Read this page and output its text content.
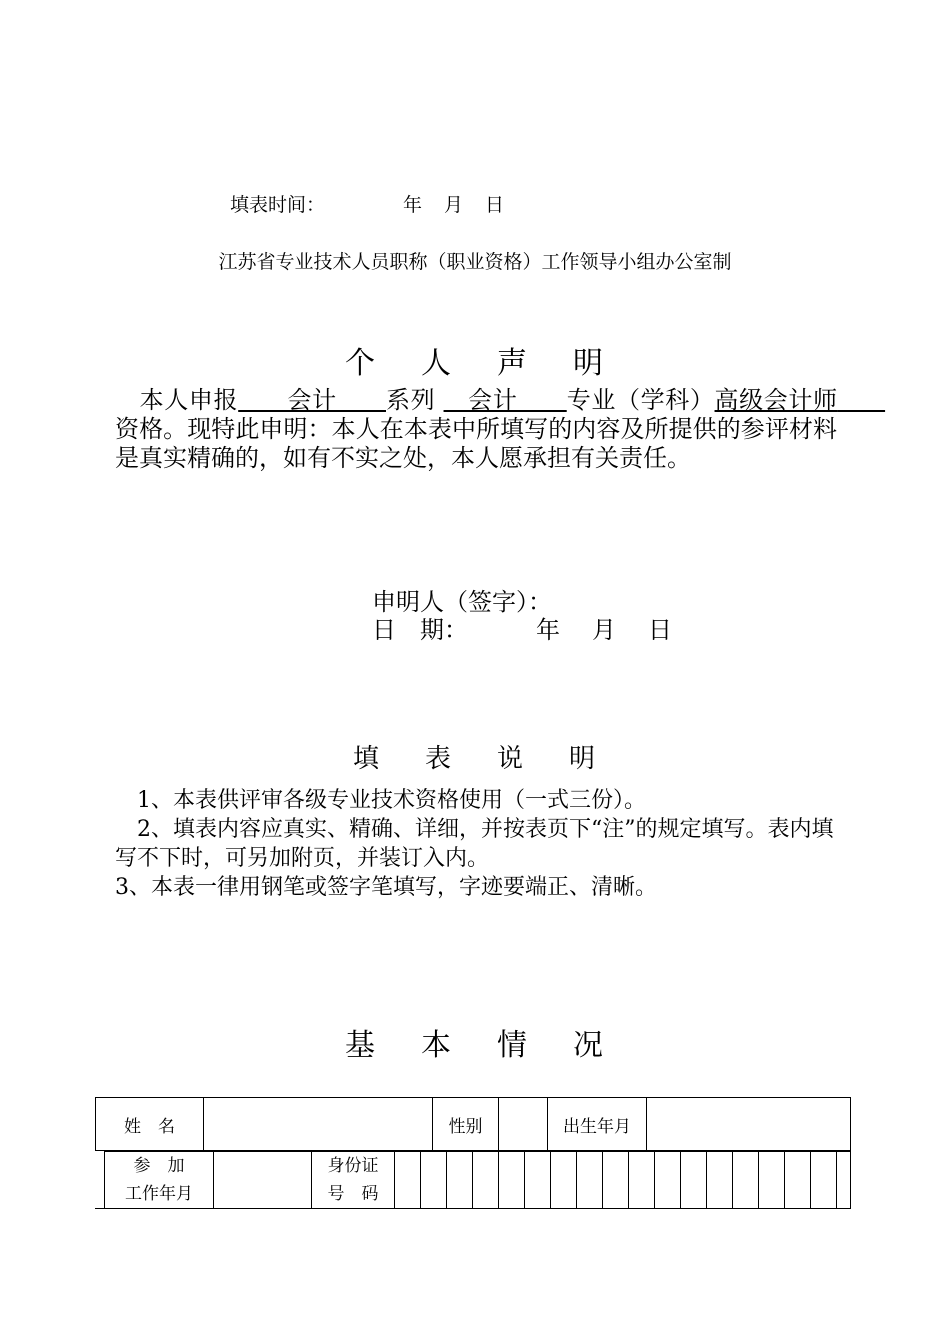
填表时间：	年 月 日
江苏省专业技术人员职称（职业资格）工作领导小组办公室制
个 人 声 明
　本人申报　　会计　　系列 　会计　　专业（学科）高级会计师　　资格。现特此申明：本人在本表中所填写的内容及所提供的参评材料是真实精确的，如有不实之处，本人愿承担有关责任。
申明人（签字）：
日　期：	年 月 日
填 表 说 明

　1、本表供评审各级专业技术资格使用（一式三份）。

　2、填表内容应真实、精确、详细，并按表页下“注”的规定填写。表内填写不下时，可另加附页，并装订入内。

3、本表一律用钢笔或签字笔填写，字迹要端正、清晰。

基 本 情 况
姓　名		性别		出生年月	
参　加
工作年月		身份证
号　码																		
